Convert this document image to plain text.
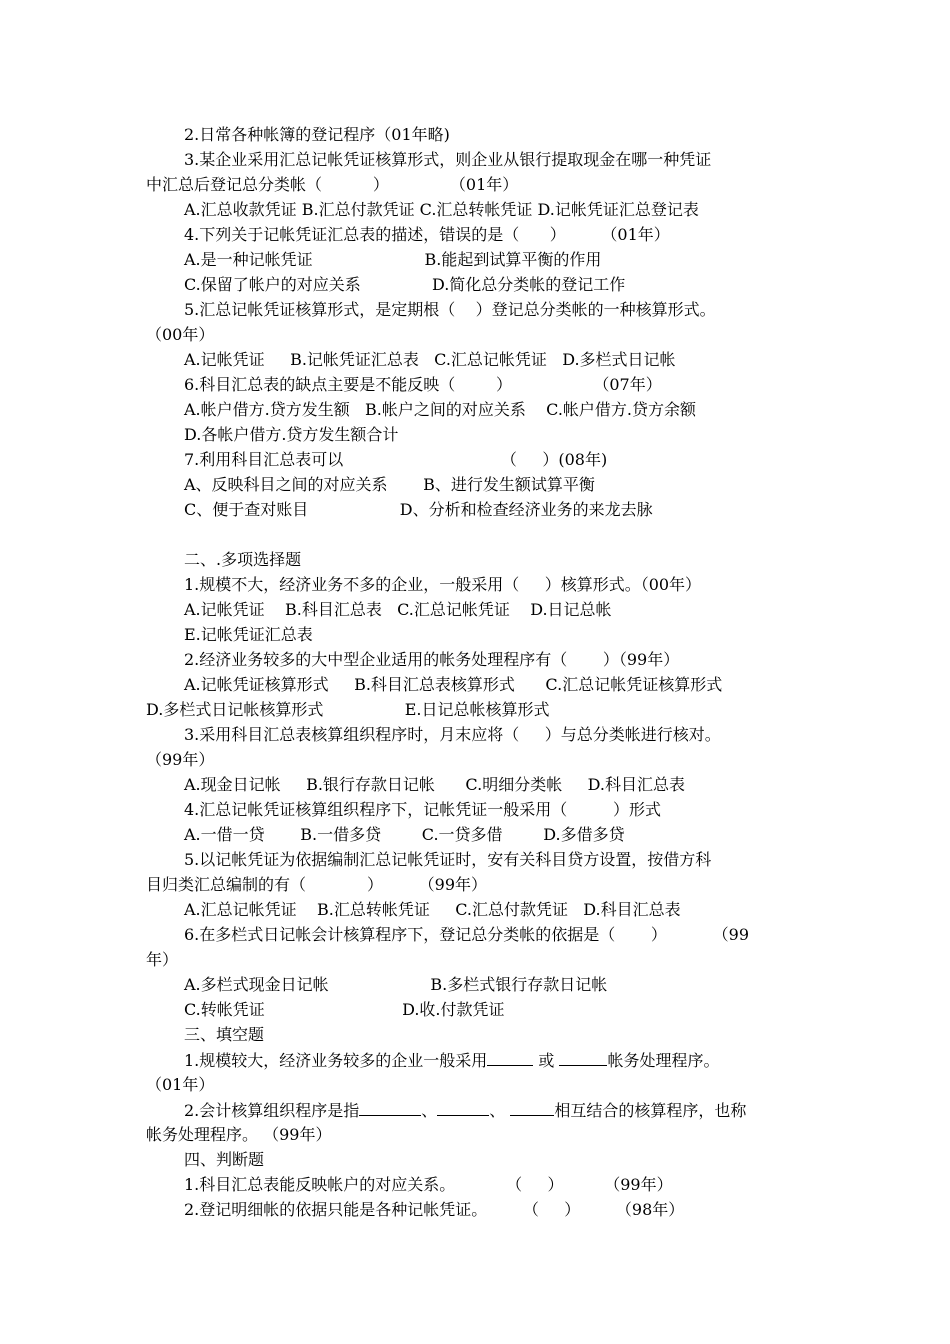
2.日常各种帐簿的登记程序（01年略)
3.某企业采用汇总记帐凭证核算形式，则企业从银行提取现金在哪一种凭证
中汇总后登记总分类帐（          ）            （01年）
A.汇总收款凭证 B.汇总付款凭证 C.汇总转帐凭证 D.记帐凭证汇总登记表
4.下列关于记帐凭证汇总表的描述，错误的是（      ）       （01年）
A.是一种记帐凭证                      B.能起到试算平衡的作用
C.保留了帐户的对应关系              D.简化总分类帐的登记工作
5.汇总记帐凭证核算形式，是定期根（    ）登记总分类帐的一种核算形式。
（00年）
A.记帐凭证     B.记帐凭证汇总表   C.汇总记帐凭证   D.多栏式日记帐
6.科目汇总表的缺点主要是不能反映（        ）                （07年）
A.帐户借方.贷方发生额   B.帐户之间的对应关系    C.帐户借方.贷方余额
D.各帐户借方.贷方发生额合计
7.利用科目汇总表可以                               （     ）(08年)
A、反映科目之间的对应关系       B、进行发生额试算平衡
C、便于查对账目                  D、分析和检查经济业务的来龙去脉
二、.多项选择题
1.规模不大，经济业务不多的企业，一般采用（     ）核算形式。（00年）
A.记帐凭证    B.科目汇总表   C.汇总记帐凭证    D.日记总帐
E.记帐凭证汇总表
2.经济业务较多的大中型企业适用的帐务处理程序有（       ）（99年）
A.记帐凭证核算形式     B.科目汇总表核算形式      C.汇总记帐凭证核算形式
D.多栏式日记帐核算形式                E.日记总帐核算形式
3.采用科目汇总表核算组织程序时，月末应将（     ）与总分类帐进行核对。
（99年）
A.现金日记帐     B.银行存款日记帐      C.明细分类帐     D.科目汇总表
4.汇总记帐凭证核算组织程序下，记帐凭证一般采用（         ）形式
A.一借一贷       B.一借多贷        C.一贷多借        D.多借多贷
5.以记帐凭证为依据编制汇总记帐凭证时，安有关科目贷方设置，按借方科
目归类汇总编制的有（            ）       （99年）
A.汇总记帐凭证    B.汇总转帐凭证     C.汇总付款凭证   D.科目汇总表
6.在多栏式日记帐会计核算程序下，登记总分类帐的依据是（       ）         （99
年）
A.多栏式现金日记帐                    B.多栏式银行存款日记帐
C.转帐凭证                           D.收.付款凭证
三、填空题
1.规模较大，经济业务较多的企业一般采用	或	帐务处理程序。
（01年）
2.会计核算组织程序是指	、	、	相互结合的核算程序，也称
帐务处理程序。 （99年）
四、判断题
1.科目汇总表能反映帐户的对应关系。          （     ）        （99年）
2.登记明细帐的依据只能是各种记帐凭证。       （     ）       （98年）
